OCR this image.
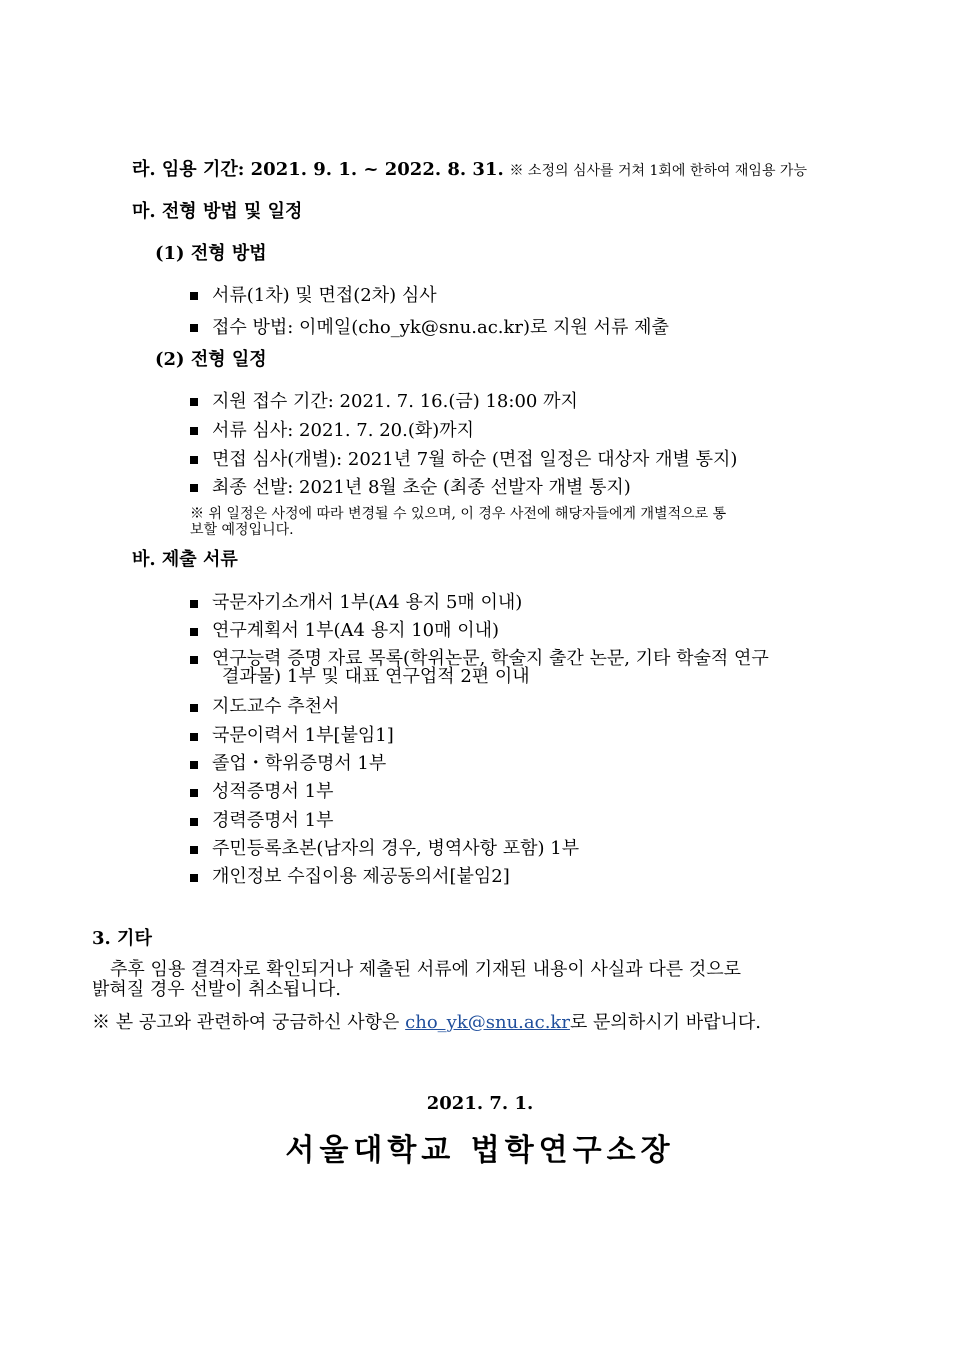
라. 임용 기간: 2021. 9. 1. ~ 2022. 8. 31. ※ 소정의 심사를 거쳐 1회에 한하여 재임용 가능
마. 전형 방법 및 일정
(1) 전형 방법
서류(1차) 및 면접(2차) 심사
접수 방법: 이메일(cho_yk@snu.ac.kr)로 지원 서류 제출
(2) 전형 일정
지원 접수 기간: 2021. 7. 16.(금) 18:00 까지
서류 심사: 2021. 7. 20.(화)까지
면접 심사(개별): 2021년 7월 하순 (면접 일정은 대상자 개별 통지)
최종 선발: 2021년 8월 초순 (최종 선발자 개별 통지)
※ 위 일정은 사정에 따라 변경될 수 있으며, 이 경우 사전에 해당자들에게 개별적으로 통
보할 예정입니다.
바. 제출 서류
국문자기소개서 1부(A4 용지 5매 이내)
연구계획서 1부(A4 용지 10매 이내)
연구능력 증명 자료 목록(학위논문, 학술지 출간 논문, 기타 학술적 연구
결과물) 1부 및 대표 연구업적 2편 이내
지도교수 추천서
국문이력서 1부[붙임1]
졸업・학위증명서 1부
성적증명서 1부
경력증명서 1부
주민등록초본(남자의 경우, 병역사항 포함) 1부
개인정보 수집이용 제공동의서[붙임2]
3. 기타
추후 임용 결격자로 확인되거나 제출된 서류에 기재된 내용이 사실과 다른 것으로
밝혀질 경우 선발이 취소됩니다.
※ 본 공고와 관련하여 궁금하신 사항은 cho_yk@snu.ac.kr로 문의하시기 바랍니다.
2021. 7. 1.
서울대학교 법학연구소장
